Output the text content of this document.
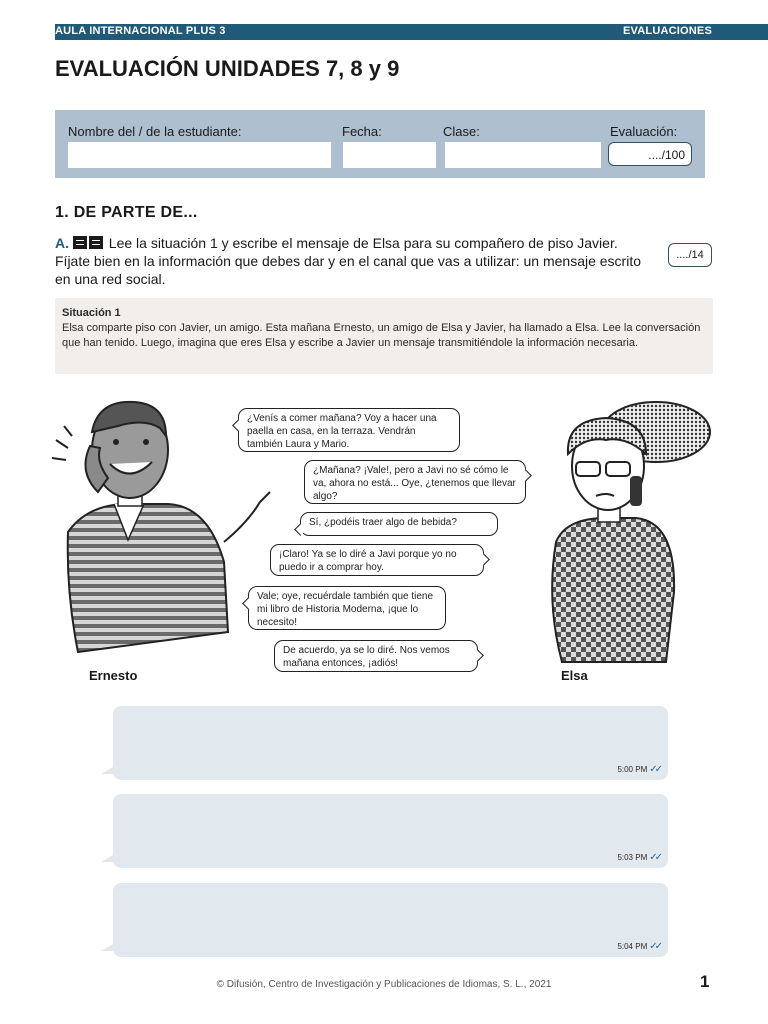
AULA INTERNACIONAL PLUS 3	EVALUACIONES
EVALUACIÓN UNIDADES 7, 8 y 9
Nombre del / de la estudiante:	Fecha:	Clase:	Evaluación:
..../100
1. DE PARTE DE...
A.	Lee la situación 1 y escribe el mensaje de Elsa para su compañero de piso Javier. Fíjate bien en la información que debes dar y en el canal que vas a utilizar: un mensaje escrito en una red social.
..../14
Situación 1
Elsa comparte piso con Javier, un amigo. Esta mañana Ernesto, un amigo de Elsa y Javier, ha llamado a Elsa. Lee la conversación que han tenido. Luego, imagina que eres Elsa y escribe a Javier un mensaje transmitiéndole la información necesaria.
¿Venís a comer mañana? Voy a hacer una paella en casa, en la terraza. Vendrán también Laura y Mario.
¿Mañana? ¡Vale!, pero a Javi no sé cómo le va, ahora no está... Oye, ¿tenemos que llevar algo?
Sí, ¿podéis traer algo de bebida?
¡Claro! Ya se lo diré a Javi porque yo no puedo ir a comprar hoy.
Vale; oye, recuérdale también que tiene mi libro de Historia Moderna, ¡que lo necesito!
De acuerdo, ya se lo diré. Nos vemos mañana entonces, ¡adiós!
Ernesto	Elsa
5:00 PM ✓✓
5:03 PM ✓✓
5:04 PM ✓✓
© Difusión, Centro de Investigación y Publicaciones de Idiomas, S. L., 2021	1
